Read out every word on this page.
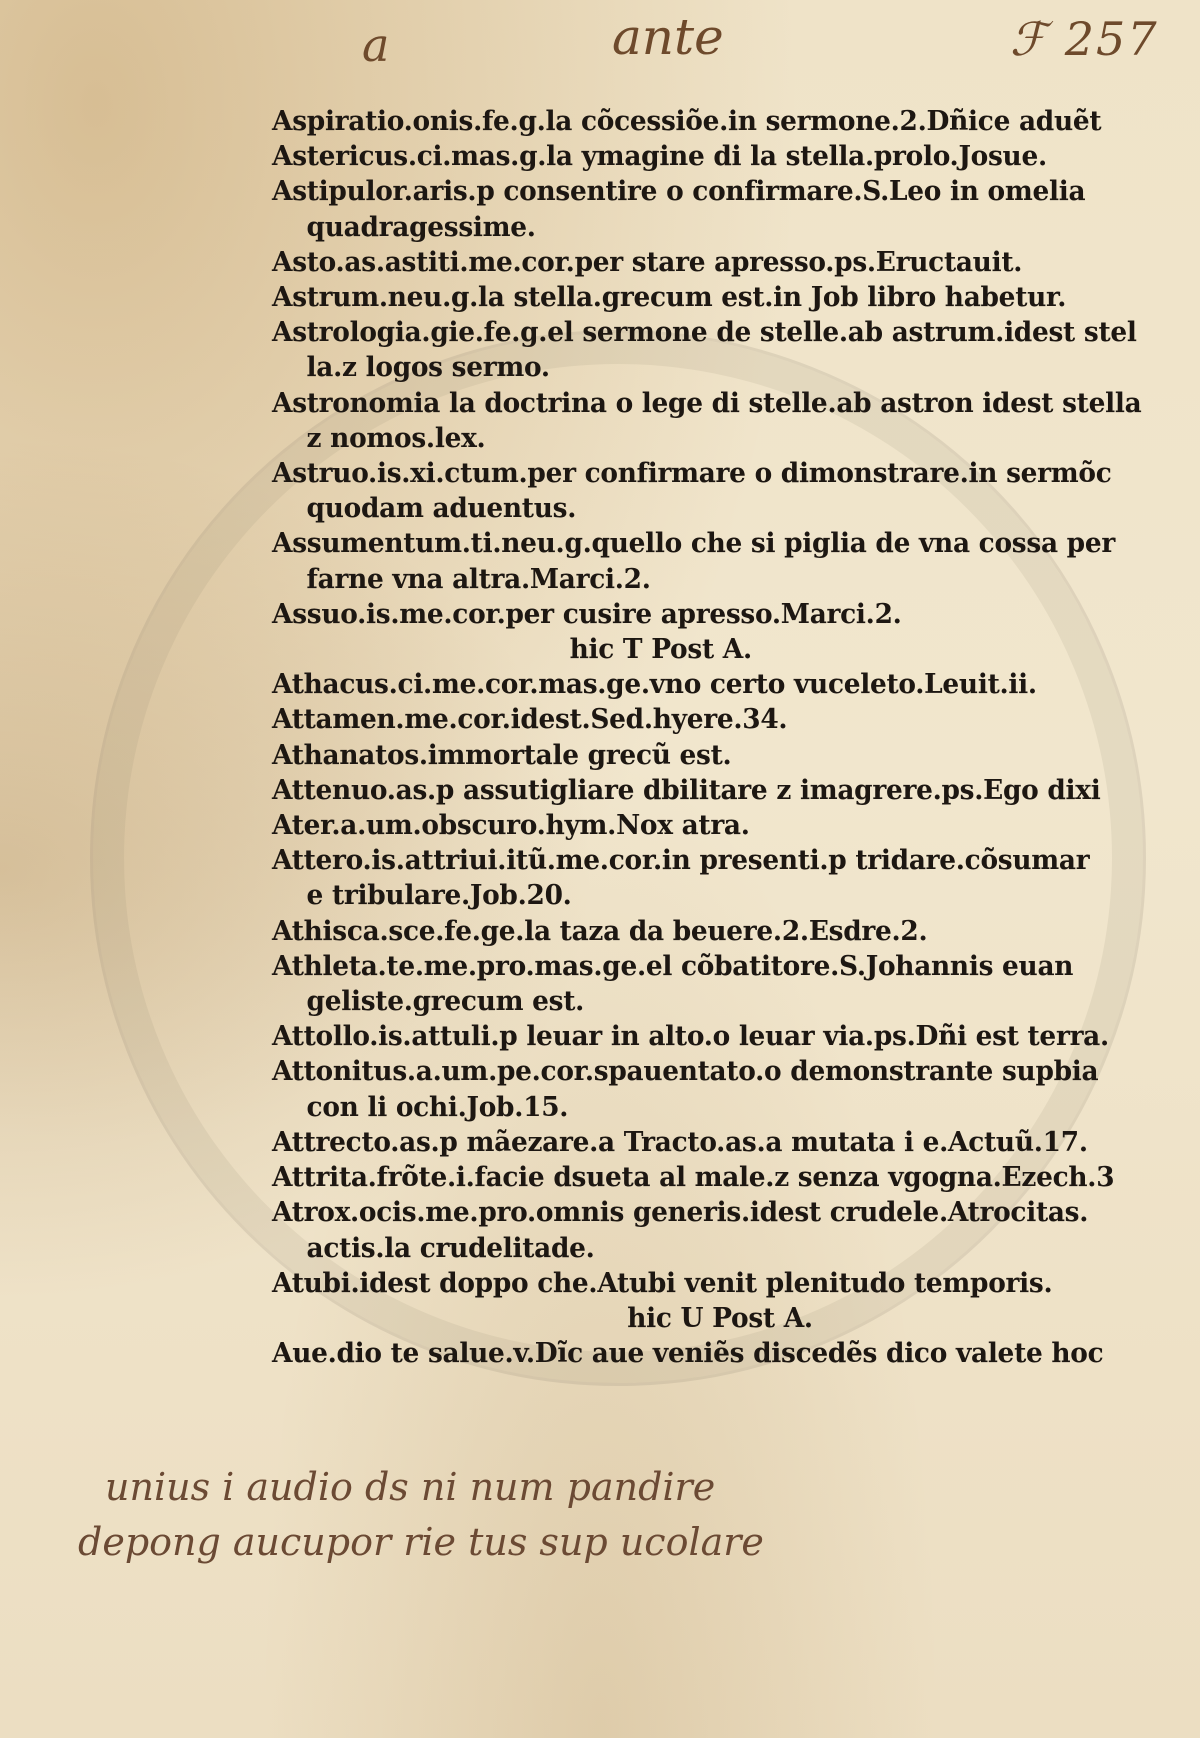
a	ante	ℱ 257
Aspiratio.onis.fe.g.la cõcessiõe.in sermone.2.Dñice aduẽt
Astericus.ci.mas.g.la ymagine di la stella.prolo.Josue.
Astipulor.aris.p consentire o confirmare.S.Leo in omelia
quadragessime.
Asto.as.astiti.me.cor.per stare apresso.ps.Eructauit.
Astrum.neu.g.la stella.grecum est.in Job libro habetur.
Astrologia.gie.fe.g.el sermone de stelle.ab astrum.idest stel
la.z logos sermo.
Astronomia la doctrina o lege di stelle.ab astron idest stella
z nomos.lex.
Astruo.is.xi.ctum.per confirmare o dimonstrare.in sermõc
quodam aduentus.
Assumentum.ti.neu.g.quello che si piglia de vna cossa per
farne vna altra.Marci.2.
Assuo.is.me.cor.per cusire apresso.Marci.2.
hic T Post A.
Athacus.ci.me.cor.mas.ge.vno certo vuceleto.Leuit.ii.
Attamen.me.cor.idest.Sed.hyere.34.
Athanatos.immortale grecũ est.
Attenuo.as.p assutigliare dbilitare z imagrere.ps.Ego dixi
Ater.a.um.obscuro.hym.Nox atra.
Attero.is.attriui.itũ.me.cor.in presenti.p tridare.cõsumar
e tribulare.Job.20.
Athisca.sce.fe.ge.la taza da beuere.2.Esdre.2.
Athleta.te.me.pro.mas.ge.el cõbatitore.S.Johannis euan
geliste.grecum est.
Attollo.is.attuli.p leuar in alto.o leuar via.ps.Dñi est terra.
Attonitus.a.um.pe.cor.spauentato.o demonstrante supbia
con li ochi.Job.15.
Attrecto.as.p mãezare.a Tracto.as.a mutata i e.Actuũ.17.
Attrita.frõte.i.facie dsueta al male.z senza vgogna.Ezech.3
Atrox.ocis.me.pro.omnis generis.idest crudele.Atrocitas.
actis.la crudelitade.
Atubi.idest doppo che.Atubi venit plenitudo temporis.
hic U Post A.
Aue.dio te salue.v.Dĩc aue veniẽs discedẽs dico valete hoc
unius i audio ds ni num pandire
depong aucupor rie tus sup ucolare
